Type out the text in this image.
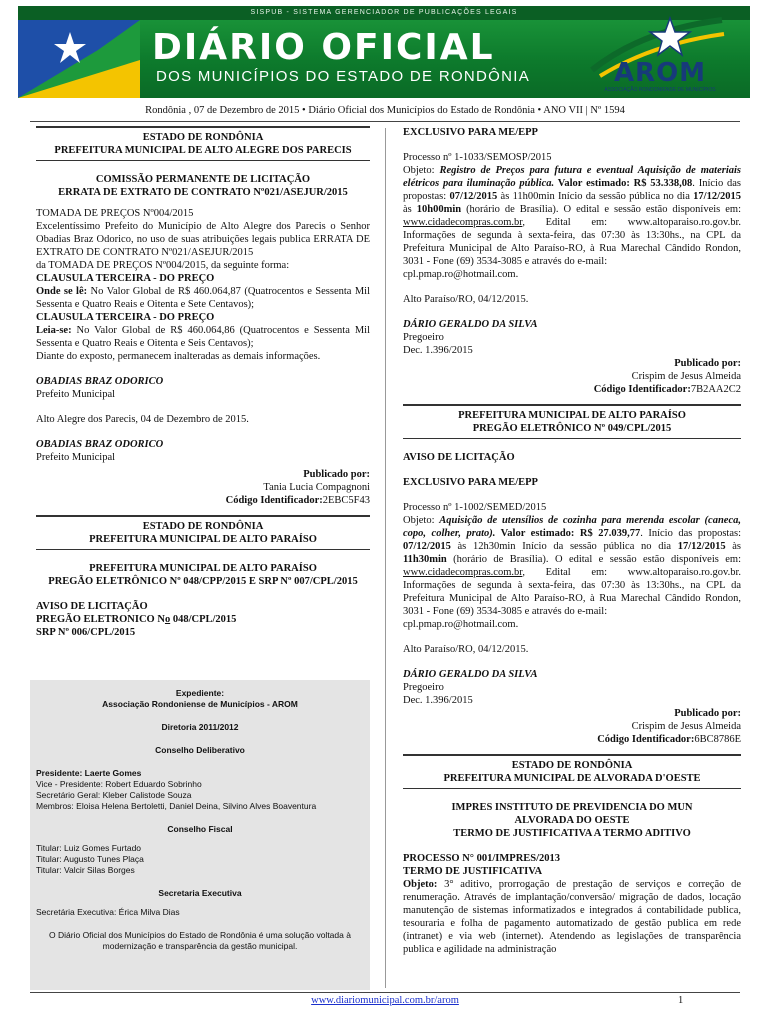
SISPUB - SISTEMA GERENCIADOR DE PUBLICAÇÕES LEGAIS
DIÁRIO OFICIAL
DOS MUNICÍPIOS DO ESTADO DE RONDÔNIA	AROM
ASSOCIAÇÃO RONDONIENSE DE MUNICÍPIOS
Rondônia , 07 de Dezembro de 2015 • Diário Oficial dos Municípios do Estado de Rondônia • ANO VII | Nº 1594

ESTADO DE RONDÔNIA

PREFEITURA MUNICIPAL DE ALTO ALEGRE DOS PARECIS

COMISSÃO PERMANENTE DE LICITAÇÃO

ERRATA DE EXTRATO DE CONTRATO Nº021/ASEJUR/2015

TOMADA DE PREÇOS Nº004/2015

Excelentíssimo Prefeito do Município de Alto Alegre dos Parecis o Senhor Obadias Braz Odorico, no uso de suas atribuições legais publica ERRATA DE EXTRATO DE CONTRATO Nº021/ASEJUR/2015

da TOMADA DE PREÇOS Nº004/2015, da seguinte forma:

CLAUSULA TERCEIRA - DO PREÇO

Onde se lê: No Valor Global de R$ 460.064,87 (Quatrocentos e Sessenta Mil Sessenta e Quatro Reais e Oitenta e Sete Centavos);

CLAUSULA TERCEIRA - DO PREÇO

Leia-se: No Valor Global de R$ 460.064,86 (Quatrocentos e Sessenta Mil Sessenta e Quatro Reais e Oitenta e Seis Centavos);

Diante do exposto, permanecem inalteradas as demais informações.

OBADIAS BRAZ ODORICO

Prefeito Municipal

Alto Alegre dos Parecis, 04 de Dezembro de 2015.

OBADIAS BRAZ ODORICO

Prefeito Municipal

Publicado por:

Tania Lucia Compagnoni

Código Identificador:2EBC5F43

ESTADO DE RONDÔNIA

PREFEITURA MUNICIPAL DE ALTO PARAÍSO

PREFEITURA MUNICIPAL DE ALTO PARAÍSO

PREGÃO ELETRÔNICO Nº 048/CPP/2015 E SRP Nº 007/CPL/2015

AVISO DE LICITAÇÃO

PREGÃO ELETRONICO No 048/CPL/2015

SRP Nº 006/CPL/2015

Expediente:

Associação Rondoniense de Municípios - AROM

Diretoria 2011/2012

Conselho Deliberativo

Presidente: Laerte Gomes

Vice - Presidente: Robert Eduardo Sobrinho

Secretário Geral: Kleber Calistode Souza

Membros: Eloisa Helena Bertoletti, Daniel Deina, Silvino Alves Boaventura

Conselho Fiscal

Titular: Luiz Gomes Furtado

Titular: Augusto Tunes Plaça

Titular: Valcir Silas Borges

Secretaria Executiva

Secretária Executiva: Érica Milva Dias

O Diário Oficial dos Municípios do Estado de Rondônia é uma solução voltada à modernização e transparência da gestão municipal.

EXCLUSIVO PARA ME/EPP

Processo nº 1-1033/SEMOSP/2015

Objeto: Registro de Preços para futura e eventual Aquisição de materiais elétricos para iluminação pública. Valor estimado: R$ 53.338,08. Início das propostas: 07/12/2015 às 11h00min Início da sessão pública no dia 17/12/2015 às 10h00min (horário de Brasília). O edital e sessão estão disponíveis em: www.cidadecompras.com.br, Edital em: www.altoparaiso.ro.gov.br. Informações de segunda à sexta-feira, das 07:30 às 13:30hs., na CPL da Prefeitura Municipal de Alto Paraíso-RO, à Rua Marechal Cândido Rondon, 3031 - Fone (69) 3534-3085 e através do e-mail:

cpl.pmap.ro@hotmail.com.

Alto Paraíso/RO, 04/12/2015.

DÁRIO GERALDO DA SILVA

Pregoeiro

Dec. 1.396/2015

Publicado por:

Crispim de Jesus Almeida

Código Identificador:7B2AA2C2

PREFEITURA MUNICIPAL DE ALTO PARAÍSO

PREGÃO ELETRÔNICO Nº 049/CPL/2015

AVISO DE LICITAÇÃO

EXCLUSIVO PARA ME/EPP

Processo nº 1-1002/SEMED/2015

Objeto: Aquisição de utensílios de cozinha para merenda escolar (caneca, copo, colher, prato). Valor estimado: R$ 27.039,77. Início das propostas: 07/12/2015 às 12h30min Início da sessão pública no dia 17/12/2015 às 11h30min (horário de Brasília). O edital e sessão estão disponíveis em: www.cidadecompras.com.br, Edital em: www.altoparaiso.ro.gov.br. Informações de segunda à sexta-feira, das 07:30 às 13:30hs., na CPL da Prefeitura Municipal de Alto Paraíso-RO, à Rua Marechal Cândido Rondon, 3031 - Fone (69) 3534-3085 e através do e-mail:

cpl.pmap.ro@hotmail.com.

Alto Paraíso/RO, 04/12/2015.

DÁRIO GERALDO DA SILVA

Pregoeiro

Dec. 1.396/2015

Publicado por:

Crispim de Jesus Almeida

Código Identificador:6BC8786E

ESTADO DE RONDÔNIA

PREFEITURA MUNICIPAL DE ALVORADA D'OESTE

IMPRES INSTITUTO DE PREVIDENCIA DO MUN ALVORADA DO OESTE

TERMO DE JUSTIFICATIVA A TERMO ADITIVO

PROCESSO N° 001/IMPRES/2013

TERMO DE JUSTIFICATIVA

Objeto: 3° aditivo, prorrogação de prestação de serviços e correção de renumeração. Através de implantação/conversão/ migração de dados, locação manutenção de sistemas informatizados e integrados á contabilidade publica, tesouraria e folha de pagamento automatizado de gestão publica em rede (intranet) e via web (internet). Atendendo as legislações de transparência publica e agilidade na administração

www.diariomunicipal.com.br/arom	1
